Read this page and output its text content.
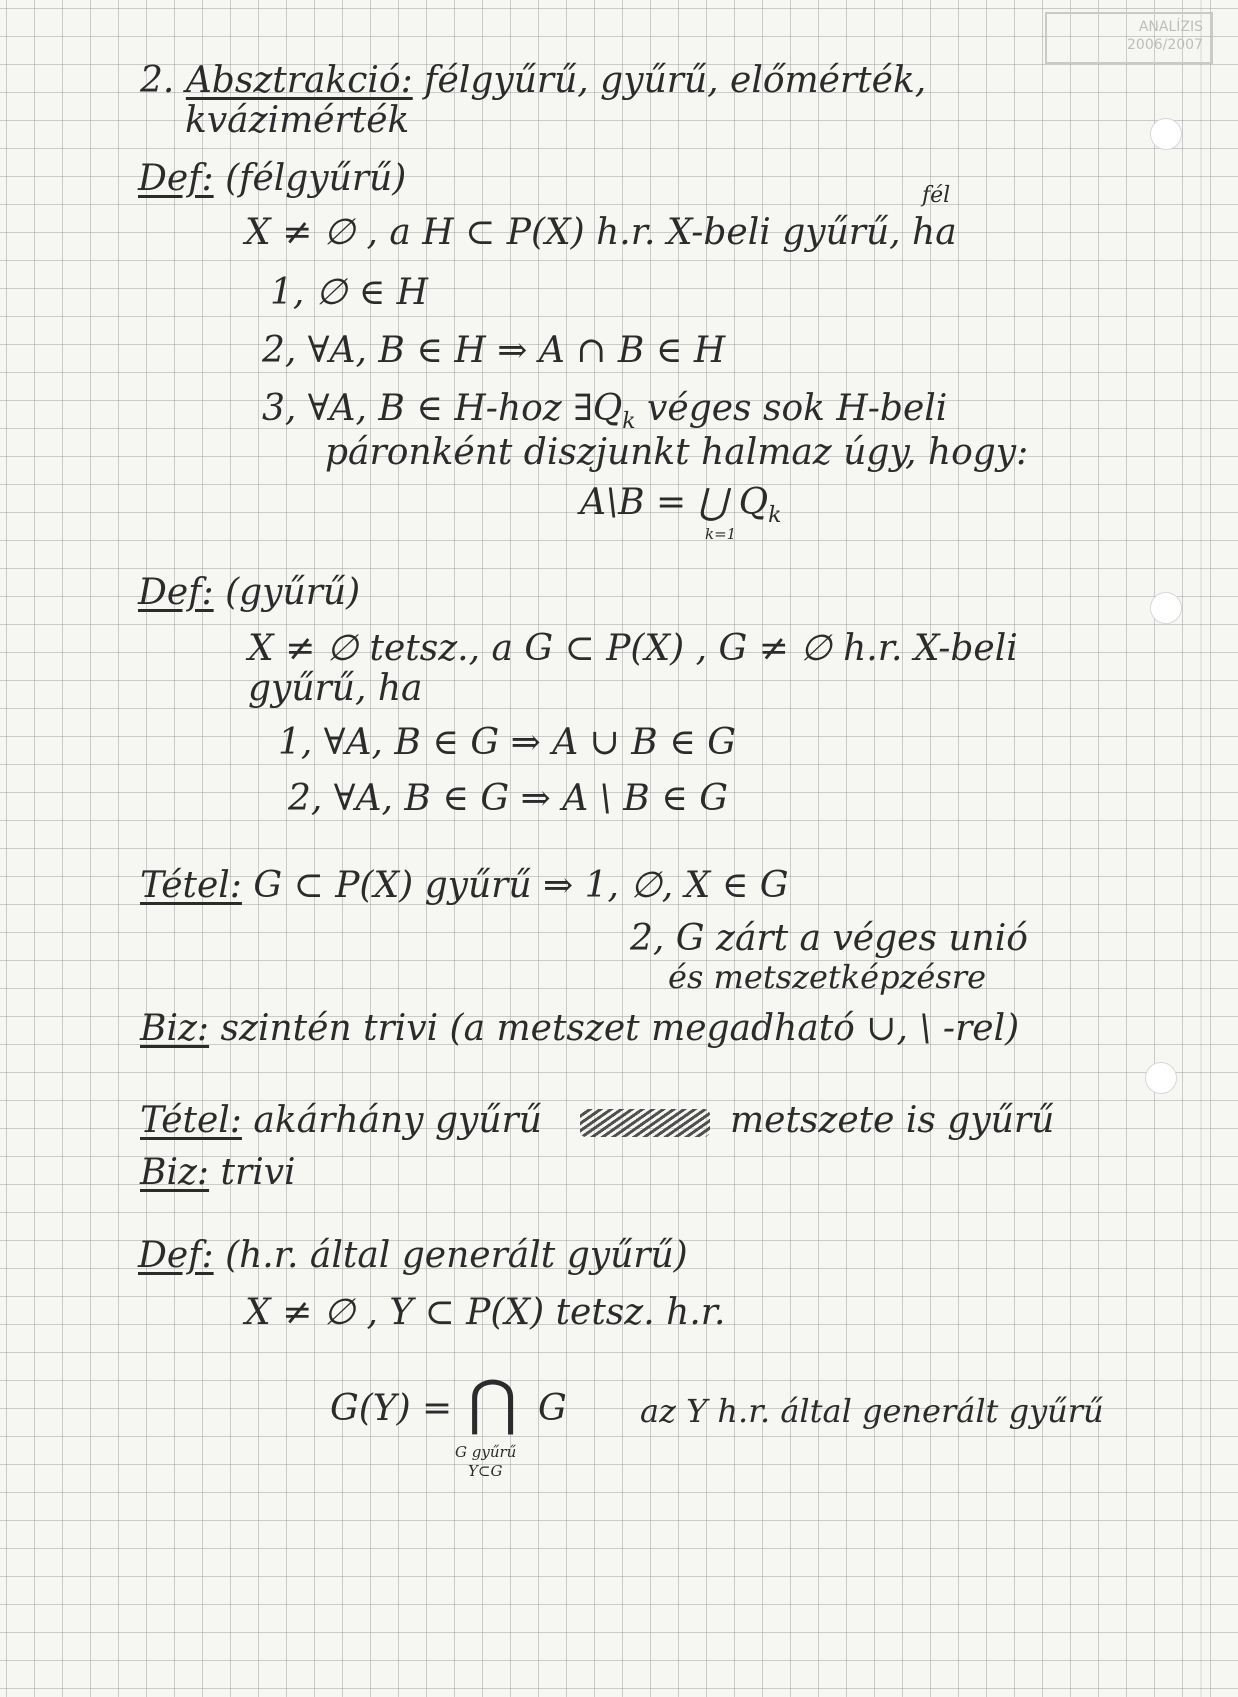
ANALÍZIS
2006/2007
2. Absztrakció: félgyűrű, gyűrű, előmérték,
kvázimérték
Def: (félgyűrű)	fél
X ≠ ∅ , a H ⊂ P(X) h.r. X-beli gyűrű, ha
1, ∅ ∈ H
2, ∀A, B ∈ H ⇒ A ∩ B ∈ H
3, ∀A, B ∈ H-hoz $\exists Q_k$ véges sok H-beli
páronként diszjunkt halmaz úgy, hogy:
A\B = ⋃ $Q_k$
k=1
Def: (gyűrű)
X ≠ ∅ tetsz., a G ⊂ P(X) , G ≠ ∅ h.r. X-beli
gyűrű, ha
1, ∀A, B ∈ G ⇒ A ∪ B ∈ G
2, ∀A, B ∈ G ⇒ A \ B ∈ G
Tétel: G ⊂ P(X) gyűrű ⇒ 1, ∅, X ∈ G
2, G zárt a véges unió
és metszetképzésre
Biz: szintén trivi (a metszet megadható ∪, \ -rel)
Tétel: akárhány gyűrű	metszete is gyűrű
Biz: trivi
Def: (h.r. által generált gyűrű)
X ≠ ∅ , Y ⊂ P(X) tetsz. h.r.
G(Y) = ⋂ G
G gyűrű
Y⊂G
az Y h.r. által generált gyűrű
